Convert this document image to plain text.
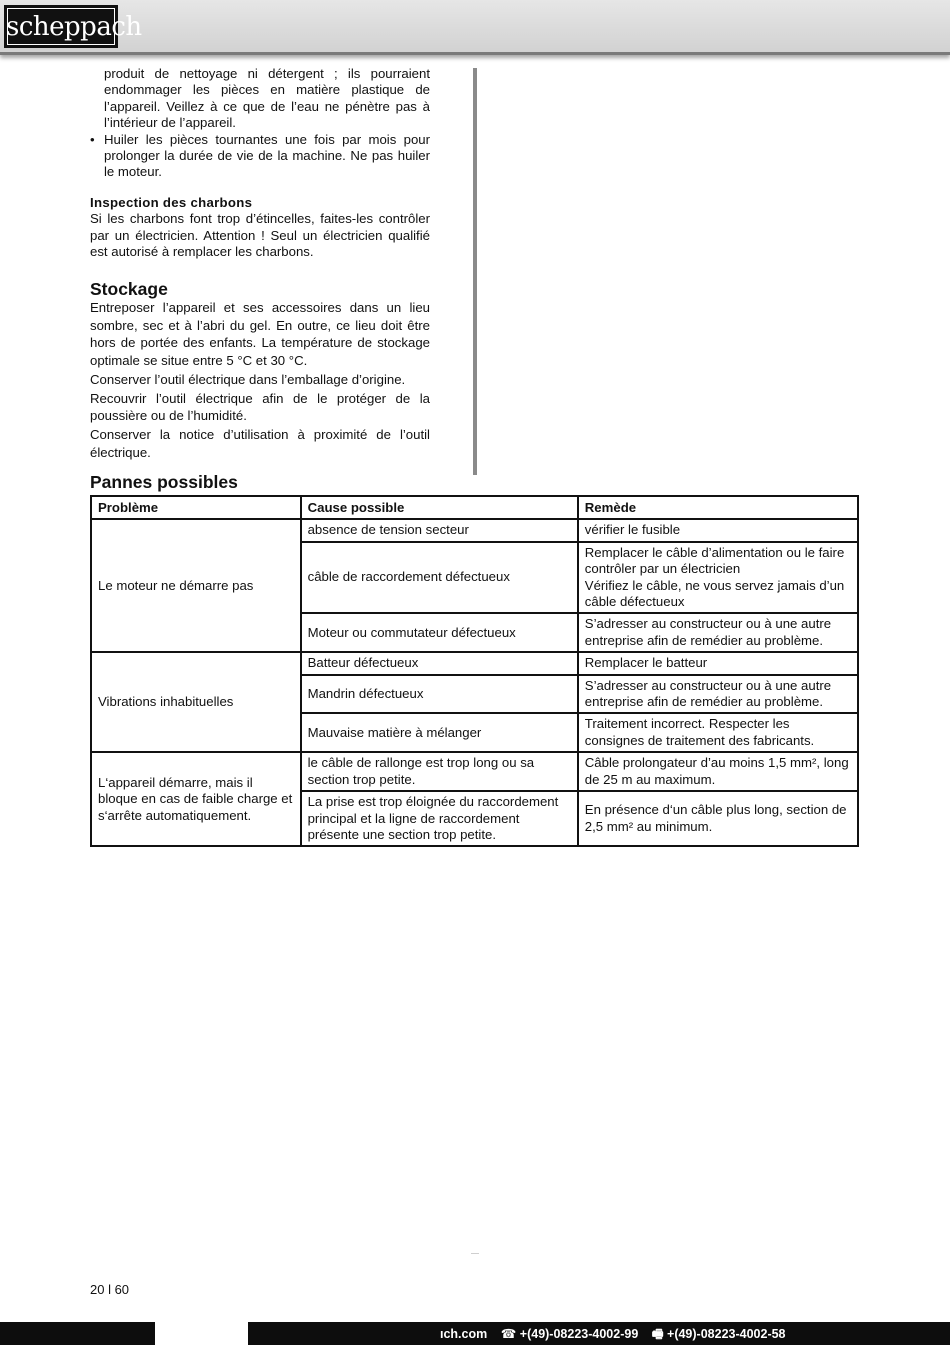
scheppach
produit de nettoyage ni détergent ; ils pourraient endommager les pièces en matière plastique de l’appareil. Veillez à ce que de l’eau ne pénètre pas à l’intérieur de l’appareil.
• Huiler les pièces tournantes une fois par mois pour prolonger la durée de vie de la machine. Ne pas huiler le moteur.
Inspection des charbons

Si les charbons font trop d’étincelles, faites-les contrôler par un électricien. Attention ! Seul un électricien qualifié est autorisé à remplacer les charbons.

Stockage

Entreposer l’appareil et ses accessoires dans un lieu sombre, sec et à l’abri du gel. En outre, ce lieu doit être hors de portée des enfants. La température de stockage optimale se situe entre 5 °C et 30 °C.

Conserver l’outil électrique dans l’emballage d’origine.

Recouvrir l’outil électrique afin de le protéger de la poussière ou de l’humidité.

Conserver la notice d’utilisation à proximité de l’outil électrique.

Pannes possibles
Problème	Cause possible	Remède
Le moteur ne démarre pas	absence de tension secteur	vérifier le fusible
	câble de raccordement défectueux	Remplacer le câble d’alimentation ou le faire contrôler par un électricien
Vérifiez le câble, ne vous servez jamais d’un câble défectueux
	Moteur ou commutateur défectueux	S’adresser au constructeur ou à une autre entreprise afin de remédier au problème.
Vibrations inhabituelles	Batteur défectueux	Remplacer le batteur
	Mandrin défectueux	S’adresser au constructeur ou à une autre entreprise afin de remédier au problème.
	Mauvaise matière à mélanger	Traitement incorrect. Respecter les consignes de traitement des fabricants.
L‘appareil démarre, mais il bloque en cas de faible charge et s‘arrête automatiquement.	le câble de rallonge est trop long ou sa section trop petite.	Câble prolongateur d’au moins 1,5 mm², long de 25 m au maximum.
	La prise est trop éloignée du raccordement principal et la ligne de raccordement présente une section trop petite.	En présence d‘un câble plus long, section de 2,5 mm² au minimum.
20 l 60
ıch.com ☎ +(49)-08223-4002-99 🖷 +(49)-08223-4002-58
